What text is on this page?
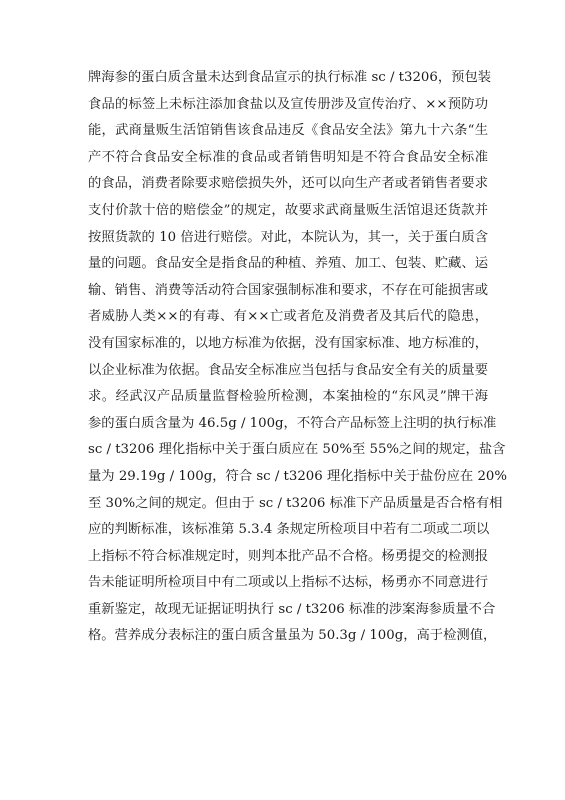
牌海参的蛋白质含量未达到食品宣示的执行标准 sc / t3206，预包装
食品的标签上未标注添加食盐以及宣传册涉及宣传治疗、××预防功
能，武商量贩生活馆销售该食品违反《食品安全法》第九十六条“生
产不符合食品安全标准的食品或者销售明知是不符合食品安全标准
的食品，消费者除要求赔偿损失外，还可以向生产者或者销售者要求
支付价款十倍的赔偿金”的规定，故要求武商量贩生活馆退还货款并
按照货款的 10 倍进行赔偿。对此，本院认为，其一，关于蛋白质含
量的问题。食品安全是指食品的种植、养殖、加工、包装、贮藏、运
输、销售、消费等活动符合国家强制标准和要求，不存在可能损害或
者威胁人类××的有毒、有××亡或者危及消费者及其后代的隐患，
没有国家标准的，以地方标准为依据，没有国家标准、地方标准的，
以企业标准为依据。食品安全标准应当包括与食品安全有关的质量要
求。经武汉产品质量监督检验所检测，本案抽检的“东风灵”牌干海
参的蛋白质含量为 46.5g / 100g，不符合产品标签上注明的执行标准
sc / t3206 理化指标中关于蛋白质应在 50%至 55%之间的规定，盐含
量为 29.19g / 100g，符合 sc / t3206 理化指标中关于盐份应在 20%
至 30%之间的规定。但由于 sc / t3206 标准下产品质量是否合格有相
应的判断标准，该标准第 5.3.4 条规定所检项目中若有二项或二项以
上指标不符合标准规定时，则判本批产品不合格。杨勇提交的检测报
告未能证明所检项目中有二项或以上指标不达标，杨勇亦不同意进行
重新鉴定，故现无证据证明执行 sc / t3206 标准的涉案海参质量不合
格。营养成分表标注的蛋白质含量虽为 50.3g / 100g，高于检测值，
